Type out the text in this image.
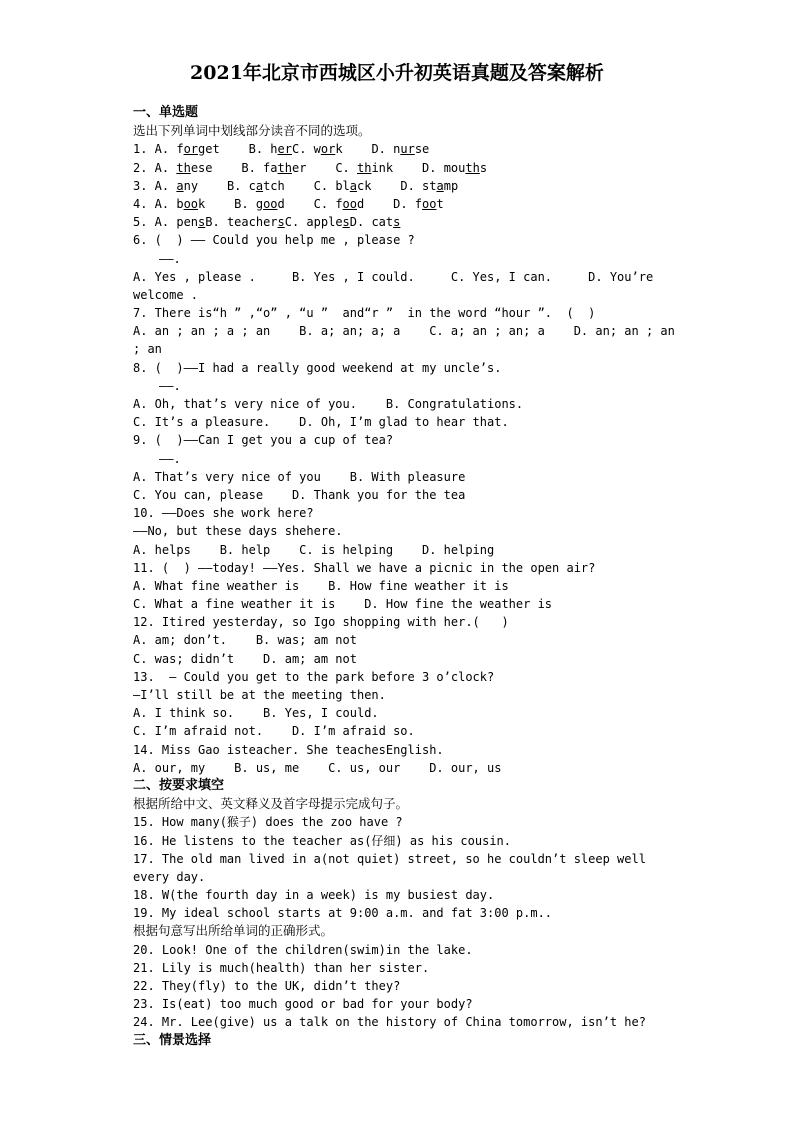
2021年北京市西城区小升初英语真题及答案解析
一、单选题
选出下列单词中划线部分读音不同的选项。
1. A. forget    B. herC. work    D. nurse
2. A. these    B. father    C. think    D. mouths
3. A. any    B. catch    C. black    D. stamp
4. A. book    B. good    C. food    D. foot
5. A. pensB. teachersC. applesD. cats
6. (  ) —— Could you help me , please ?
——.
A. Yes , please .     B. Yes , I could.     C. Yes, I can.     D. You’re
welcome .
7. There is“h ” ,“o” , “u ”  and“r ”  in the word “hour ”.  (  )
A. an ; an ; a ; an    B. a; an; a; a    C. a; an ; an; a    D. an; an ; an
; an
8. (  )——I had a really good weekend at my uncle’s.
——.
A. Oh, that’s very nice of you.    B. Congratulations.
C. It’s a pleasure.    D. Oh, I’m glad to hear that.
9. (  )——Can I get you a cup of tea?
——.
A. That’s very nice of you    B. With pleasure
C. You can, please    D. Thank you for the tea
10. ——Does she work here?
——No, but these days shehere.
A. helps    B. help    C. is helping    D. helping
11. (  ) ——today! ——Yes. Shall we have a picnic in the open air?
A. What fine weather is    B. How fine weather it is
C. What a fine weather it is    D. How fine the weather is
12. Itired yesterday, so Igo shopping with her.(   )
A. am; don’t.    B. was; am not
C. was; didn’t    D. am; am not
13.  — Could you get to the park before 3 o’clock?
—I’ll still be at the meeting then.
A. I think so.    B. Yes, I could.
C. I’m afraid not.    D. I’m afraid so.
14. Miss Gao isteacher. She teachesEnglish.
A. our, my    B. us, me    C. us, our    D. our, us
二、按要求填空
根据所给中文、英文释义及首字母提示完成句子。
15. How many(猴子) does the zoo have ?
16. He listens to the teacher as(仔细) as his cousin.
17. The old man lived in a(not quiet) street, so he couldn’t sleep well
every day.
18. W(the fourth day in a week) is my busiest day.
19. My ideal school starts at 9:00 a.m. and fat 3:00 p.m..
根据句意写出所给单词的正确形式。
20. Look! One of the children(swim)in the lake.
21. Lily is much(health) than her sister.
22. They(fly) to the UK, didn’t they?
23. Is(eat) too much good or bad for your body?
24. Mr. Lee(give) us a talk on the history of China tomorrow, isn’t he?
三、情景选择
